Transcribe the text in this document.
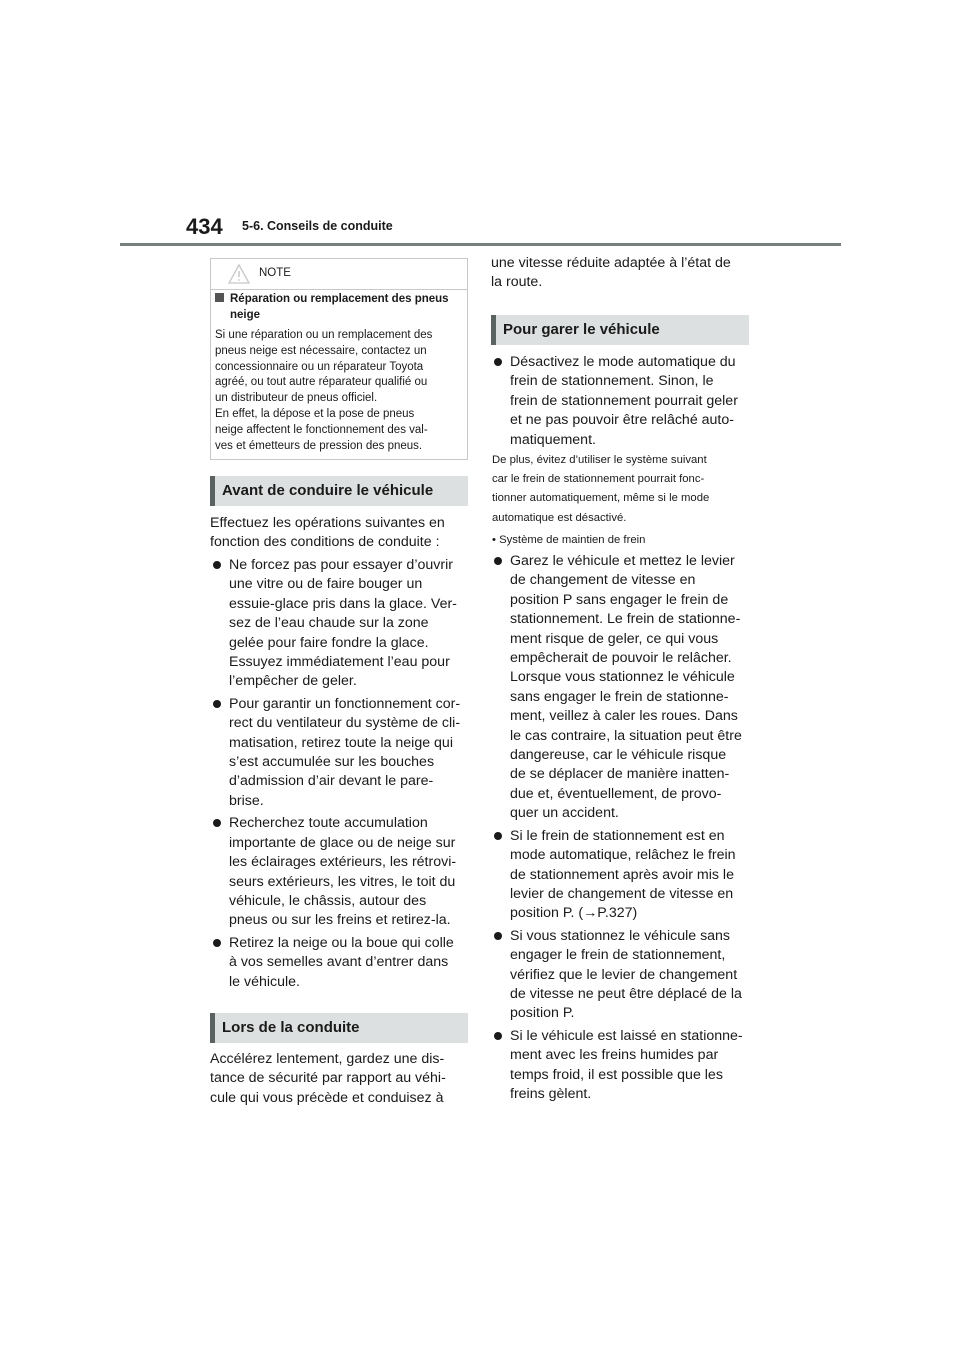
434 5-6. Conseils de conduite
NOTE
Réparation ou remplacement des pneus neige
Si une réparation ou un remplacement des
pneus neige est nécessaire, contactez un
concessionnaire ou un réparateur Toyota
agréé, ou tout autre réparateur qualifié ou
un distributeur de pneus officiel.
En effet, la dépose et la pose de pneus
neige affectent le fonctionnement des val-
ves et émetteurs de pression des pneus.
Avant de conduire le véhicule
Effectuez les opérations suivantes en
fonction des conditions de conduite :
Ne forcez pas pour essayer d’ouvrir
une vitre ou de faire bouger un
essuie-glace pris dans la glace. Ver-
sez de l’eau chaude sur la zone
gelée pour faire fondre la glace.
Essuyez immédiatement l’eau pour
l’empêcher de geler.
Pour garantir un fonctionnement cor-
rect du ventilateur du système de cli-
matisation, retirez toute la neige qui
s’est accumulée sur les bouches
d’admission d’air devant le pare-
brise.
Recherchez toute accumulation
importante de glace ou de neige sur
les éclairages extérieurs, les rétrovi-
seurs extérieurs, les vitres, le toit du
véhicule, le châssis, autour des
pneus ou sur les freins et retirez-la.
Retirez la neige ou la boue qui colle
à vos semelles avant d’entrer dans
le véhicule.
Lors de la conduite
Accélérez lentement, gardez une dis-
tance de sécurité par rapport au véhi-
cule qui vous précède et conduisez à
une vitesse réduite adaptée à l’état de
la route.
Pour garer le véhicule
Désactivez le mode automatique du
frein de stationnement. Sinon, le
frein de stationnement pourrait geler
et ne pas pouvoir être relâché auto-
matiquement.
De plus, évitez d’utiliser le système suivant
car le frein de stationnement pourrait fonc-
tionner automatiquement, même si le mode
automatique est désactivé.
• Système de maintien de frein
Garez le véhicule et mettez le levier
de changement de vitesse en
position P sans engager le frein de
stationnement. Le frein de stationne-
ment risque de geler, ce qui vous
empêcherait de pouvoir le relâcher.
Lorsque vous stationnez le véhicule
sans engager le frein de stationne-
ment, veillez à caler les roues. Dans
le cas contraire, la situation peut être
dangereuse, car le véhicule risque
de se déplacer de manière inatten-
due et, éventuellement, de provo-
quer un accident.
Si le frein de stationnement est en
mode automatique, relâchez le frein
de stationnement après avoir mis le
levier de changement de vitesse en
position P. (→P.327)
Si vous stationnez le véhicule sans
engager le frein de stationnement,
vérifiez que le levier de changement
de vitesse ne peut être déplacé de la
position P.
Si le véhicule est laissé en stationne-
ment avec les freins humides par
temps froid, il est possible que les
freins gèlent.
